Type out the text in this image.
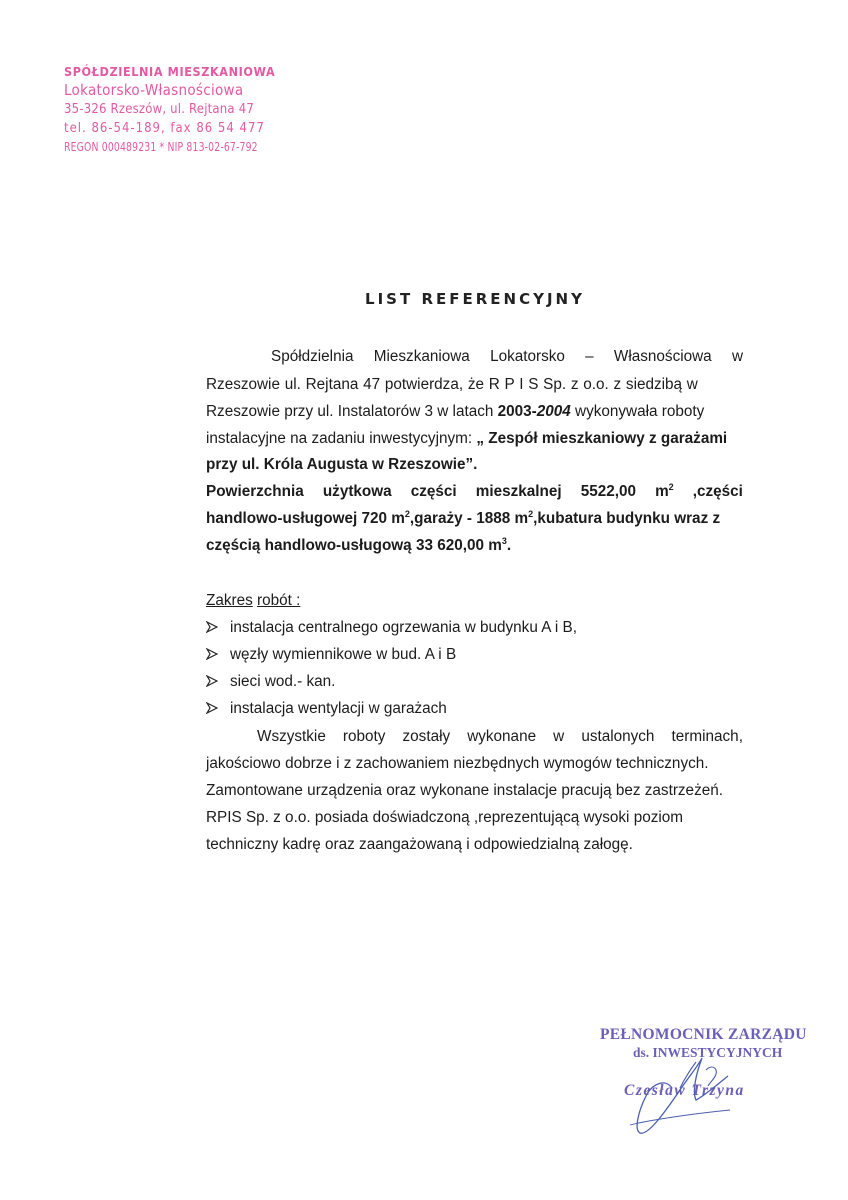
SPÓŁDZIELNIA MIESZKANIOWA
Lokatorsko-Własnościowa
35-326 Rzeszów, ul. Rejtana 47
tel. 86-54-189, fax 86 54 477
REGON 000489231 * NIP 813-02-67-792
LIST REFERENCYJNY
Spółdzielnia Mieszkaniowa Lokatorsko – Własnościowa w
Rzeszowie ul. Rejtana 47 potwierdza, że R P I S Sp. z o.o. z siedzibą w
Rzeszowie przy ul. Instalatorów 3 w latach 2003-2004 wykonywała roboty
instalacyjne na zadaniu inwestycyjnym: „ Zespół mieszkaniowy z garażami
przy ul. Króla Augusta w Rzeszowie”.
Powierzchnia użytkowa części mieszkalnej 5522,00 $m^2$ ,części
handlowo-usługowej 720 $m^2,garaży - 1888$ $m^2,kubatura$ budynku wraz z
częścią handlowo-usługową 33 620,00 $m^3$.
Zakres robót :
instalacja centralnego ogrzewania w budynku A i B,
węzły wymiennikowe w bud. A i B
sieci wod.- kan.
instalacja wentylacji w garażach
Wszystkie roboty zostały wykonane w ustalonych terminach,
jakościowo dobrze i z zachowaniem niezbędnych wymogów technicznych.
Zamontowane urządzenia oraz wykonane instalacje pracują bez zastrzeżeń.
RPIS Sp. z o.o. posiada doświadczoną ,reprezentującą wysoki poziom
techniczny kadrę oraz zaangażowaną i odpowiedzialną załogę.
PEŁNOMOCNIK ZARZĄDU
ds. INWESTYCYJNYCH
Czesław Trzyna
